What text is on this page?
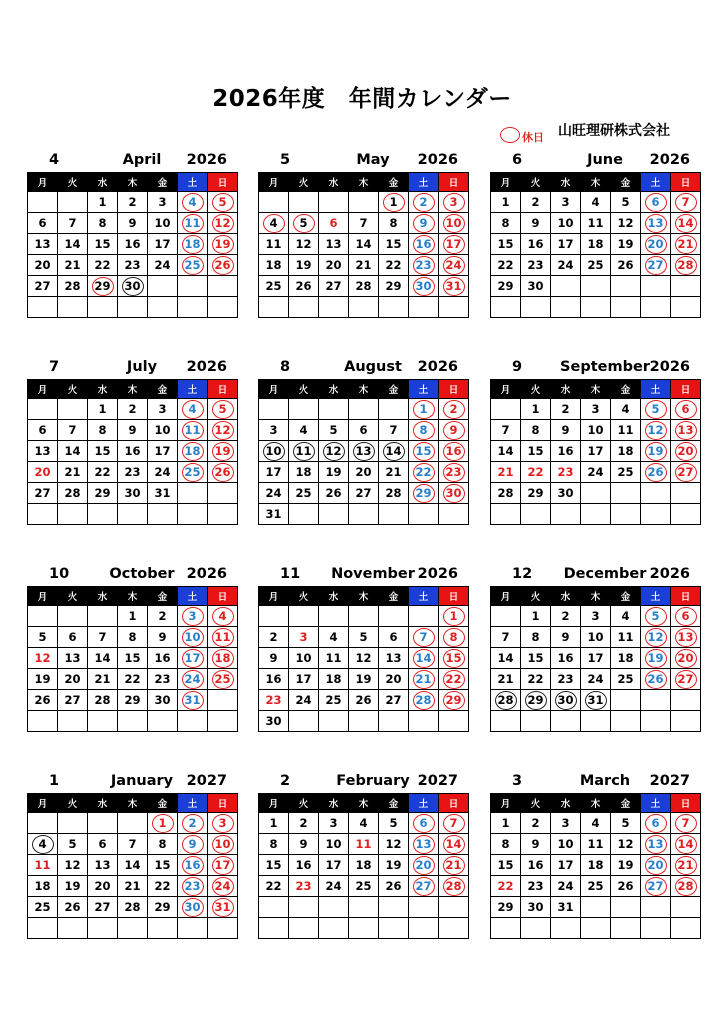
2026年度　年間カレンダー
休日 山旺理研株式会社
4	April	2026
月	火	水	木	金	土	日
		1	2	3	4	5
6	7	8	9	10	11	12
13	14	15	16	17	18	19
20	21	22	23	24	25	26
27	28	29	30			

5	May	2026
月	火	水	木	金	土	日
				1	2	3
4	5	6	7	8	9	10
11	12	13	14	15	16	17
18	19	20	21	22	23	24
25	26	27	28	29	30	31

6	June	2026
月	火	水	木	金	土	日
1	2	3	4	5	6	7
8	9	10	11	12	13	14
15	16	17	18	19	20	21
22	23	24	25	26	27	28
29	30					

7	July	2026
月	火	水	木	金	土	日
		1	2	3	4	5
6	7	8	9	10	11	12
13	14	15	16	17	18	19
20	21	22	23	24	25	26
27	28	29	30	31		

8	August	2026
月	火	水	木	金	土	日
					1	2
3	4	5	6	7	8	9
10	11	12	13	14	15	16
17	18	19	20	21	22	23
24	25	26	27	28	29	30
31						
9	September 2026
月	火	水	木	金	土	日
	1	2	3	4	5	6
7	8	9	10	11	12	13
14	15	16	17	18	19	20
21	22	23	24	25	26	27
28	29	30				

10	October 2026
月	火	水	木	金	土	日
			1	2	3	4
5	6	7	8	9	10	11
12	13	14	15	16	17	18
19	20	21	22	23	24	25
26	27	28	29	30	31	

11	November 2026
月	火	水	木	金	土	日
						1
2	3	4	5	6	7	8
9	10	11	12	13	14	15
16	17	18	19	20	21	22
23	24	25	26	27	28	29
30						
12	December 2026
月	火	水	木	金	土	日
	1	2	3	4	5	6
7	8	9	10	11	12	13
14	15	16	17	18	19	20
21	22	23	24	25	26	27
28	29	30	31			

1	January 2027
月	火	水	木	金	土	日
				1	2	3
4	5	6	7	8	9	10
11	12	13	14	15	16	17
18	19	20	21	22	23	24
25	26	27	28	29	30	31

2	February 2027
月	火	水	木	金	土	日
1	2	3	4	5	6	7
8	9	10	11	12	13	14
15	16	17	18	19	20	21
22	23	24	25	26	27	28

3	March	2027
月	火	水	木	金	土	日
1	2	3	4	5	6	7
8	9	10	11	12	13	14
15	16	17	18	19	20	21
22	23	24	25	26	27	28
29	30	31				
